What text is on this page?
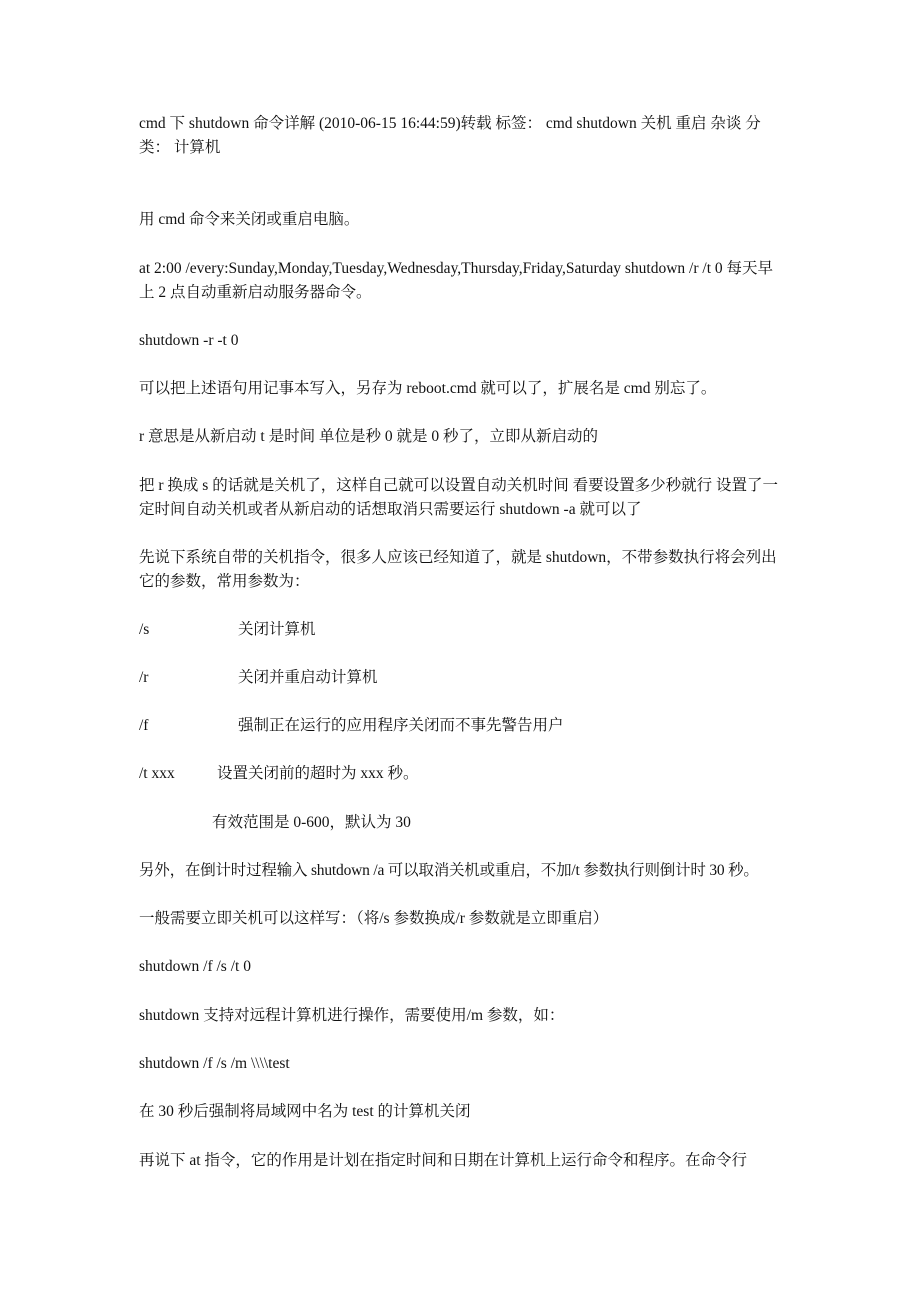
cmd 下 shutdown 命令详解 (2010-06-15 16:44:59)转载 标签： cmd shutdown 关机 重启 杂谈 分类： 计算机

用 cmd 命令来关闭或重启电脑。

at 2:00 /every:Sunday,Monday,Tuesday,Wednesday,Thursday,Friday,Saturday shutdown /r /t 0 每天早上 2 点自动重新启动服务器命令。

shutdown -r -t 0

可以把上述语句用记事本写入，另存为 reboot.cmd 就可以了，扩展名是 cmd 别忘了。

r 意思是从新启动 t 是时间 单位是秒 0 就是 0 秒了，立即从新启动的

把 r 换成 s 的话就是关机了，这样自己就可以设置自动关机时间 看要设置多少秒就行 设置了一定时间自动关机或者从新启动的话想取消只需要运行 shutdown -a 就可以了

先说下系统自带的关机指令，很多人应该已经知道了，就是 shutdown，不带参数执行将会列出它的参数，常用参数为：

/s	关闭计算机
/r	关闭并重启动计算机
/f	强制正在运行的应用程序关闭而不事先警告用户
/t xxx	设置关闭前的超时为 xxx 秒。

有效范围是 0-600，默认为 30

另外，在倒计时过程输入 shutdown /a 可以取消关机或重启，不加/t 参数执行则倒计时 30 秒。

一般需要立即关机可以这样写：（将/s 参数换成/r 参数就是立即重启）

shutdown /f /s /t 0

shutdown 支持对远程计算机进行操作，需要使用/m 参数，如：

shutdown /f /s /m \\\\test

在 30 秒后强制将局域网中名为 test 的计算机关闭

再说下 at 指令，它的作用是计划在指定时间和日期在计算机上运行命令和程序。在命令行
